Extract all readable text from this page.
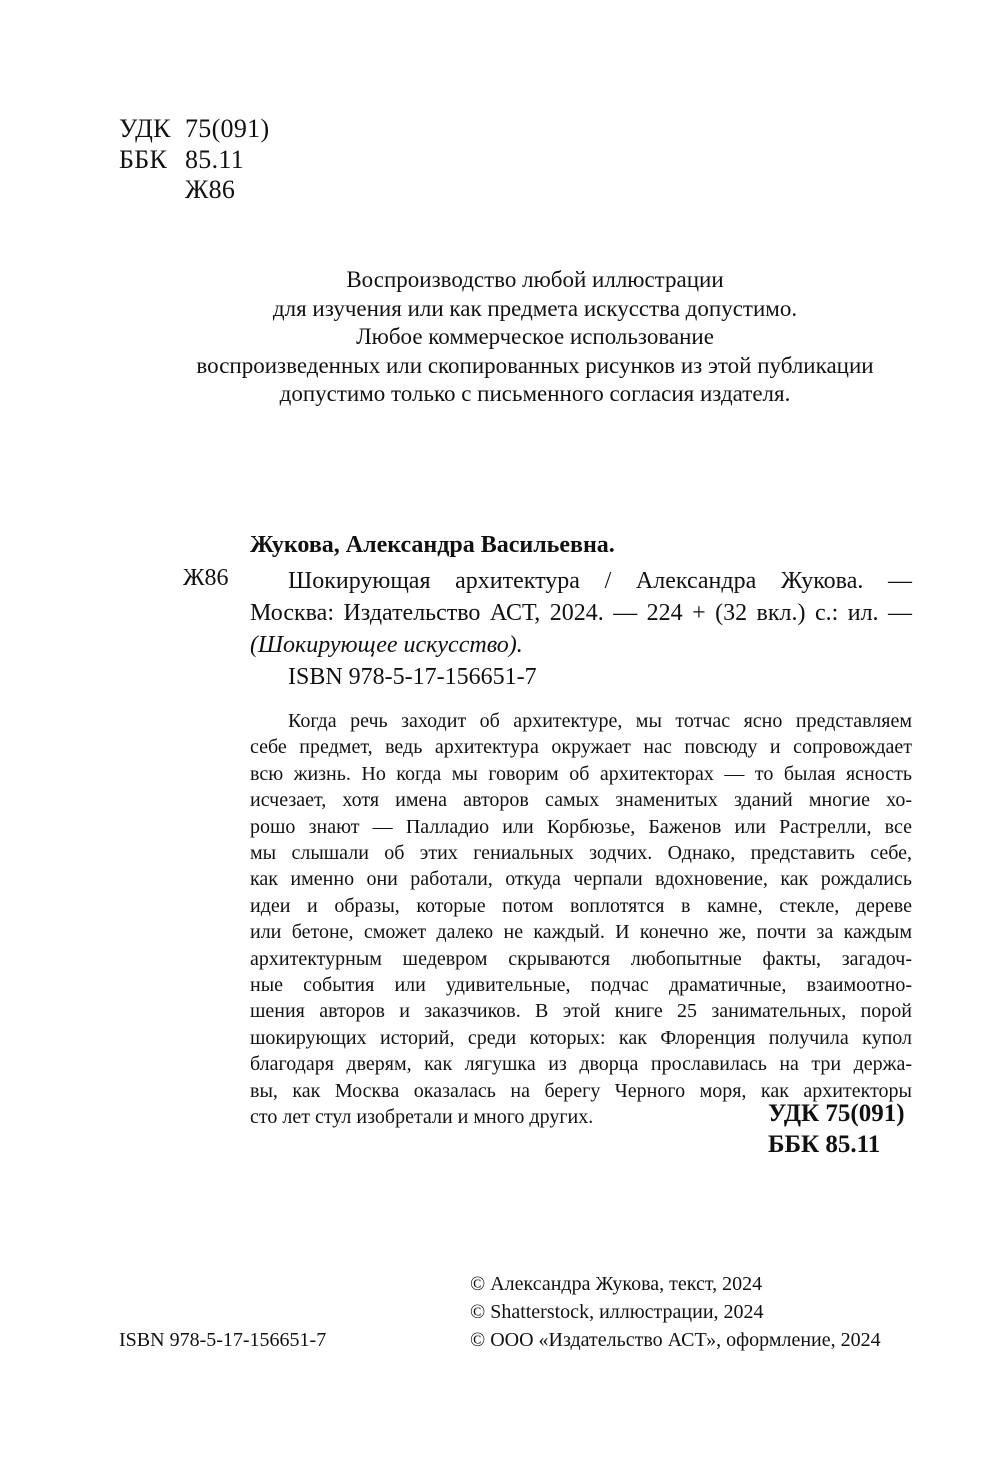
УДК 75(091)
ББК 85.11
Ж86
Воспроизводство любой иллюстрации
для изучения или как предмета искусства допустимо.
Любое коммерческое использование
воспроизведенных или скопированных рисунков из этой публикации
допустимо только с письменного согласия издателя.
Жукова, Александра Васильевна.
Ж86	Шокирующая архитектура / Александра Жукова. —
Москва: Издательство АСТ, 2024. — 224 + (32 вкл.) с.: ил. —
(Шокирующее искусство).
ISBN 978-5-17-156651-7
Когда речь заходит об архитектуре, мы тотчас ясно представляем
себе предмет, ведь архитектура окружает нас повсюду и сопровождает
всю жизнь. Но когда мы говорим об архитекторах — то былая ясность
исчезает, хотя имена авторов самых знаменитых зданий многие хо-
рошо знают — Палладио или Корбюзье, Баженов или Растрелли, все
мы слышали об этих гениальных зодчих. Однако, представить себе,
как именно они работали, откуда черпали вдохновение, как рождались
идеи и образы, которые потом воплотятся в камне, стекле, дереве
или бетоне, сможет далеко не каждый. И конечно же, почти за каждым
архитектурным шедевром скрываются любопытные факты, загадоч-
ные события или удивительные, подчас драматичные, взаимоотно-
шения авторов и заказчиков. В этой книге 25 занимательных, порой
шокирующих историй, среди которых: как Флоренция получила купол
благодаря дверям, как лягушка из дворца прославилась на три держа-
вы, как Москва оказалась на берегу Черного моря, как архитекторы
сто лет стул изобретали и много других.	УДК 75(091)
ББК 85.11
© Александра Жукова, текст, 2024
© Shatterstock, иллюстрации, 2024
© ООО «Издательство АСТ», оформление, 2024
ISBN 978-5-17-156651-7
